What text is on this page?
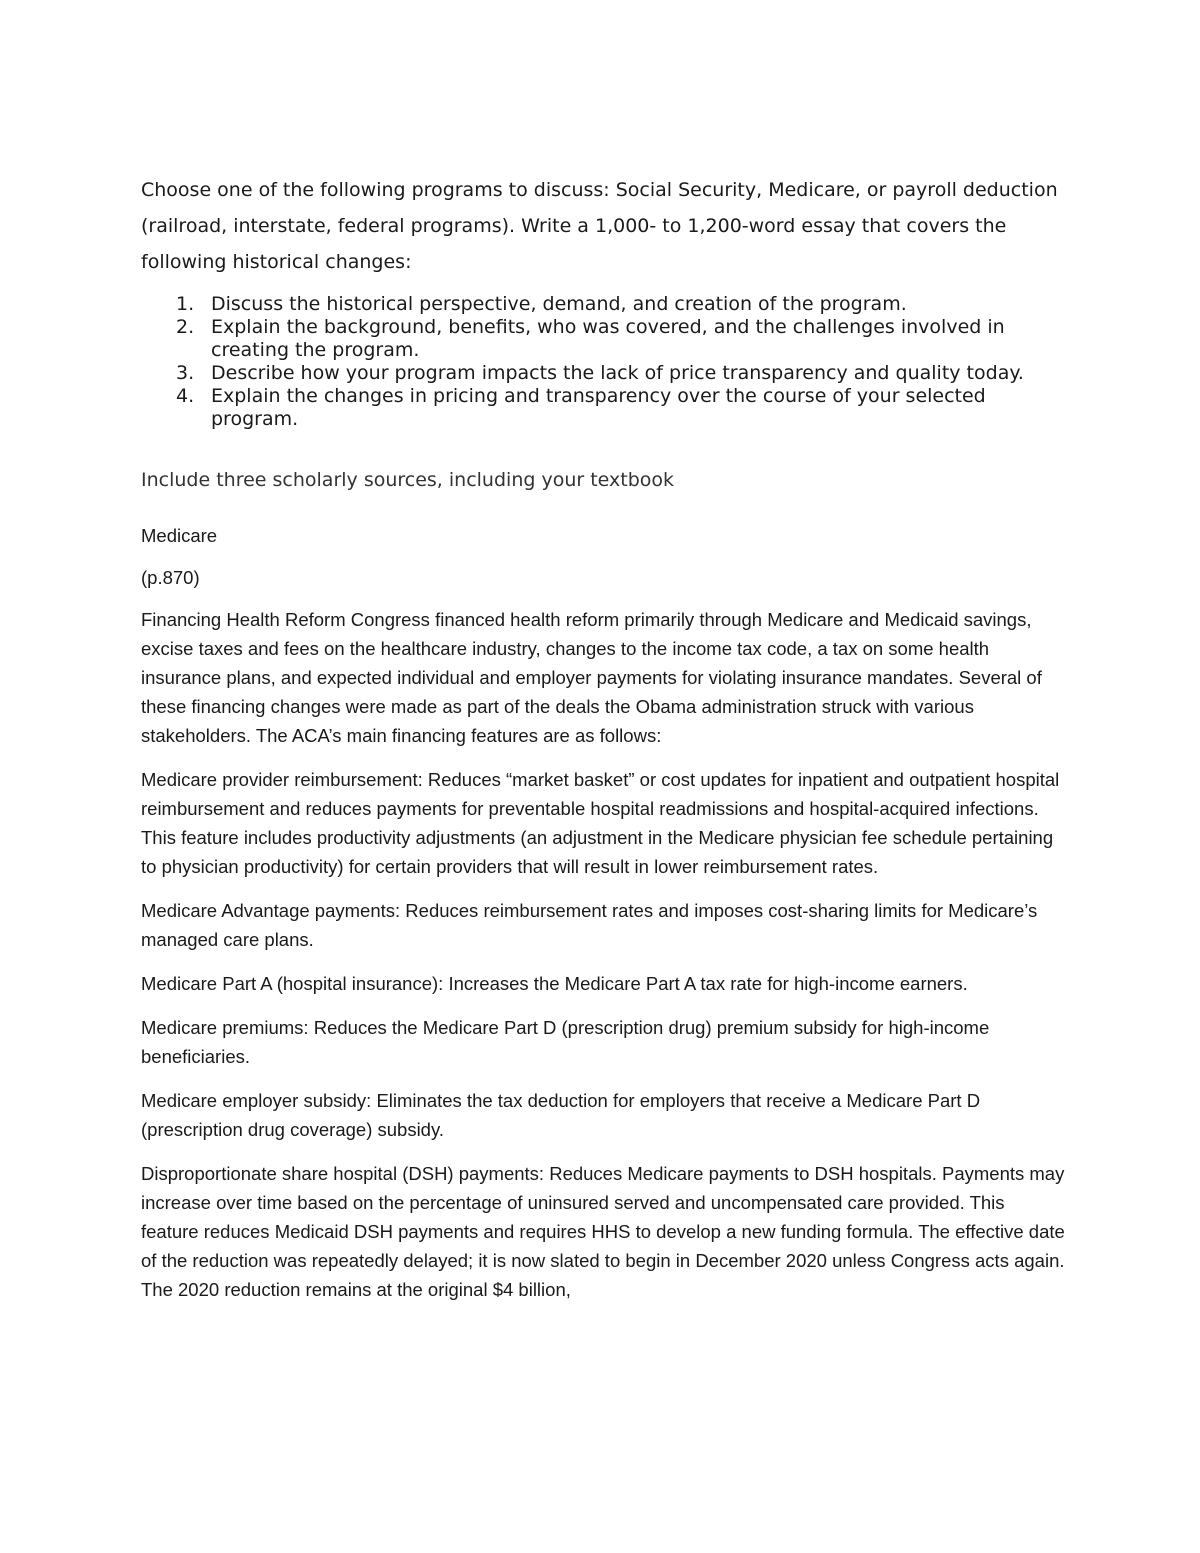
Choose one of the following programs to discuss: Social Security, Medicare, or payroll deduction (railroad, interstate, federal programs). Write a 1,000- to 1,200-word essay that covers the following historical changes:

1. Discuss the historical perspective, demand, and creation of the program.
2. Explain the background, benefits, who was covered, and the challenges involved in creating the program.
3. Describe how your program impacts the lack of price transparency and quality today.
4. Explain the changes in pricing and transparency over the course of your selected program.

Include three scholarly sources, including your textbook

Medicare

(p.870)

Financing Health Reform Congress financed health reform primarily through Medicare and Medicaid savings, excise taxes and fees on the healthcare industry, changes to the income tax code, a tax on some health insurance plans, and expected individual and employer payments for violating insurance mandates. Several of these financing changes were made as part of the deals the Obama administration struck with various stakeholders. The ACA’s main financing features are as follows:

Medicare provider reimbursement: Reduces “market basket” or cost updates for inpatient and outpatient hospital reimbursement and reduces payments for preventable hospital readmissions and hospital-acquired infections. This feature includes productivity adjustments (an adjustment in the Medicare physician fee schedule pertaining to physician productivity) for certain providers that will result in lower reimbursement rates.

Medicare Advantage payments: Reduces reimbursement rates and imposes cost-sharing limits for Medicare’s managed care plans.

Medicare Part A (hospital insurance): Increases the Medicare Part A tax rate for high-income earners.

Medicare premiums: Reduces the Medicare Part D (prescription drug) premium subsidy for high-income beneficiaries.

Medicare employer subsidy: Eliminates the tax deduction for employers that receive a Medicare Part D (prescription drug coverage) subsidy.

Disproportionate share hospital (DSH) payments: Reduces Medicare payments to DSH hospitals. Payments may increase over time based on the percentage of uninsured served and uncompensated care provided. This feature reduces Medicaid DSH payments and requires HHS to develop a new funding formula. The effective date of the reduction was repeatedly delayed; it is now slated to begin in December 2020 unless Congress acts again. The 2020 reduction remains at the original $4 billion,
